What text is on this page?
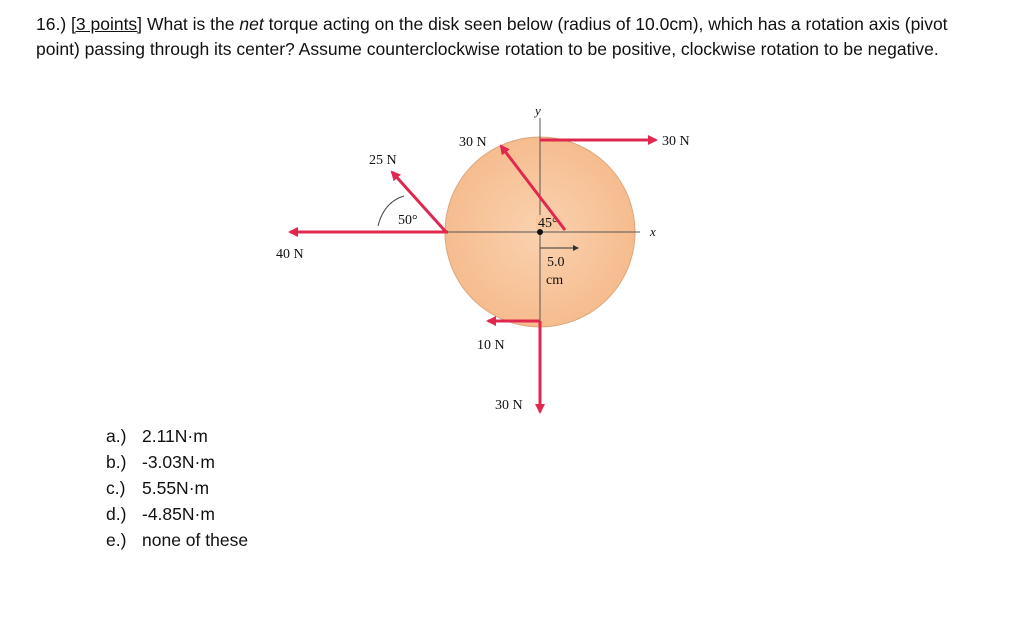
16.) [3 points] What is the net torque acting on the disk seen below (radius of 10.0cm), which has a rotation axis (pivot point) passing through its center? Assume counterclockwise rotation to be positive, clockwise rotation to be negative.
y
x
5.0
cm
45°
30 N
30 N
25 N
50°
40 N
10 N
30 N
a.) 2.11N·m
b.) -3.03N·m
c.) 5.55N·m
d.) -4.85N·m
e.) none of these
